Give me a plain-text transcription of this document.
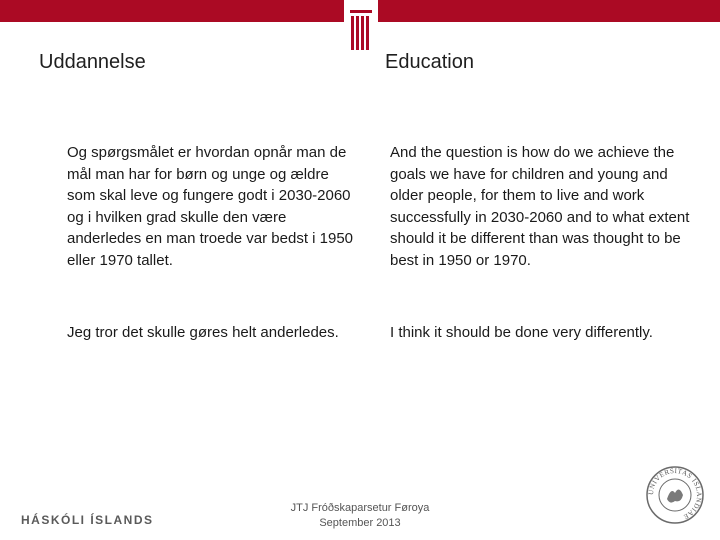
Uddannelse	Education

Og spørgsmålet er hvordan opnår man de mål man har for børn og unge og ældre som skal leve og fungere godt i 2030-2060 og i hvilken grad skulle den være anderledes en man troede var bedst i 1950 eller 1970 tallet.

And the question is how do we achieve the goals we have for children and young and older people, for them to live and work successfully in 2030-2060 and to what extent should it be different than was thought to be best in 1950 or 1970.

Jeg tror det skulle gøres helt anderledes.	I think it should be done very differently.

HÁSKÓLI ÍSLANDS

JTJ Fróðskaparsetur Føroya
September 2013

UNIVERSITAS ISLANDIAE
